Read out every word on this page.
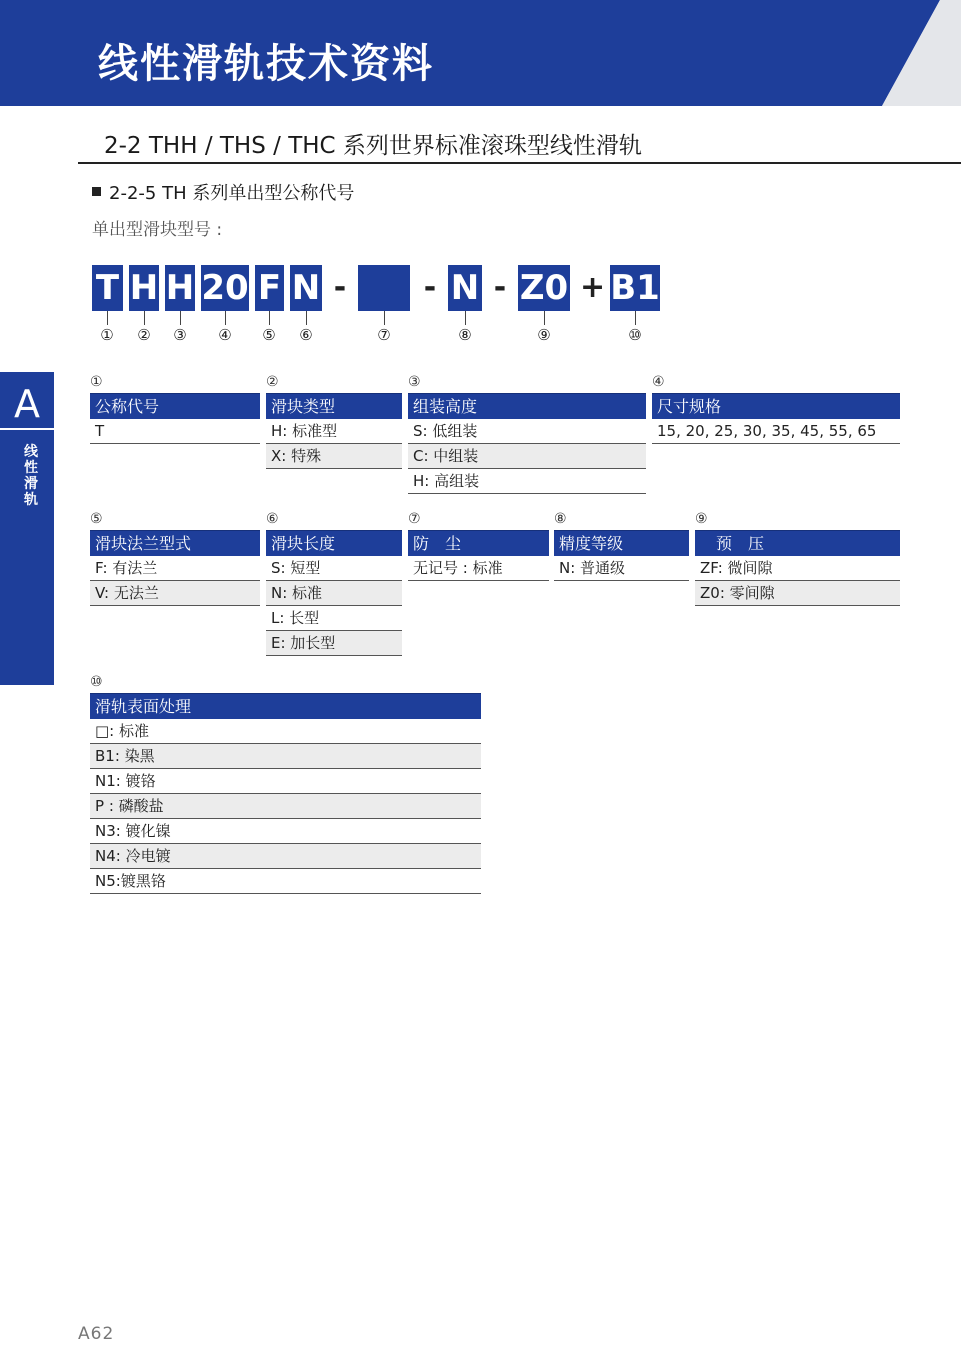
线性滑轨技术资料
2-2 THH / THS / THC 系列世界标准滚珠型线性滑轨
2-2-5 TH 系列单出型公称代号
单出型滑块型号 :
T H H 20 F N -	- N - Z0 + B1
① ② ③ ④ ⑤ ⑥	⑦	⑧	⑨	⑩
A
线
性
滑
轨
①
公称代号
T
②
滑块类型
H: 标准型
X: 特殊
③
组装高度
S: 低组装
C: 中组装
H: 高组装
④
尺寸规格
15, 20, 25, 30, 35, 45, 55, 65
⑤
滑块法兰型式
F: 有法兰
V: 无法兰
⑥
滑块长度
S: 短型
N: 标准
L: 长型
E: 加长型
⑦
防　尘
无记号 : 标准
⑧
精度等级
N: 普通级
⑨
　预　压
ZF: 微间隙
Z0: 零间隙
⑩
滑轨表面处理
□: 标准
B1: 染黑
N1: 镀铬
P : 磷酸盐
N3: 镀化镍
N4: 冷电镀
N5:镀黑铬
A62
